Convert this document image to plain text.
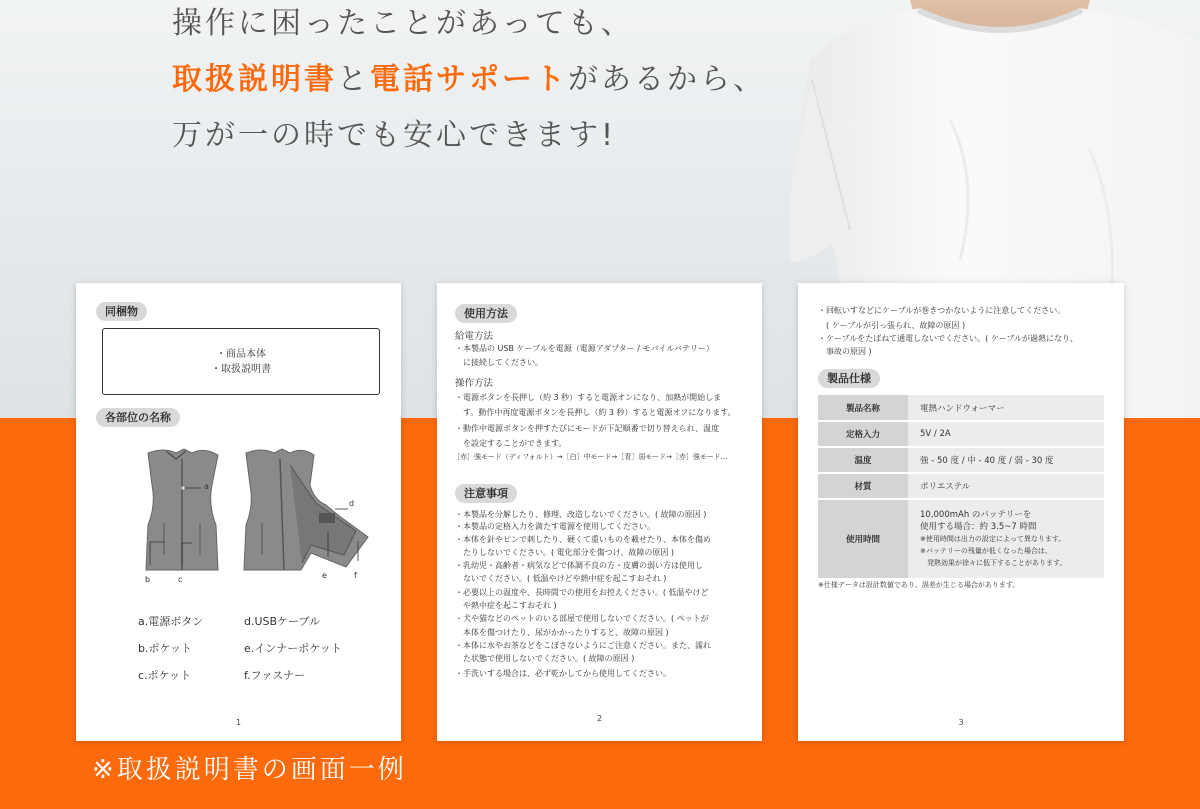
操作に困ったことがあっても、
取扱説明書と電話サポートがあるから、
万が一の時でも安心できます!
同梱物
・商品本体
・取扱説明書
各部位の名称
a
b	c
d
e	f
a.電源ボタン	d.USBケーブル
b.ポケット	e.インナーポケット
c.ポケット	f.ファスナー
1
使用方法
給電方法
・本製品の USB ケーブルを電源（電源アダプター / モバイルバテリー）
　に接続してください。
操作方法
・電源ボタンを長押し（約 3 秒）すると電源オンになり、加熱が開始しま
　す。動作中再度電源ボタンを長押し（約 3 秒）すると電源オフになります。
・動作中電源ボタンを押すたびにモードが下記順番で切り替えられ、温度
　を設定することができます。
［赤］強モード（ディフォルト）→［白］中モード→［青］弱モード→［赤］強モード…
注意事項
・本製品を分解したり、修理、改造しないでください。( 故障の原因 )
・本製品の定格入力を満たす電源を使用してください。
・本体を針やピンで刺したり、硬くて重いものを載せたり、本体を傷め
　たりしないでください。( 電化部分を傷つけ、故障の原因 )
・乳幼児・高齢者・病気などで体調不良の方・皮膚の弱い方は使用し
　ないでください。( 低温やけどや熱中症を起こすおそれ )
・必要以上の温度や、長時間での使用をお控えください。( 低温やけど
　や熱中症を起こすおそれ )
・犬や猫などのペットのいる部屋で使用しないでください。( ペットが
　本体を傷つけたり、尿がかかったりすると、故障の原因 )
・本体に水やお茶などをこぼさないようにご注意ください。また、濡れ
　た状態で使用しないでください。( 故障の原因 )
・手洗いする場合は、必ず乾かしてから使用してください。
2
・回転いすなどにケーブルが巻きつかないように注意してください。
　( ケーブルが引っ張られ、故障の原因 )
・ケーブルをたばねて通電しないでください。( ケーブルが過熱になり、
　事故の原因 )
製品仕様
製品名称	電熱ハンドウォーマー
定格入力	5V / 2A
温度	強 - 50 度 / 中 - 40 度 / 弱 - 30 度
材質	ポリエステル
使用時間	10,000mAh のバッテリーを
使用する場合：約 3.5~7 時間
※使用時間は出力の設定によって異なります。
※バッテリーの残量が低くなった場合は、
　発熱効果が徐々に低下することがあります。
※仕様データは設計数値であり、誤差が生じる場合があります。
3
※取扱説明書の画面一例
